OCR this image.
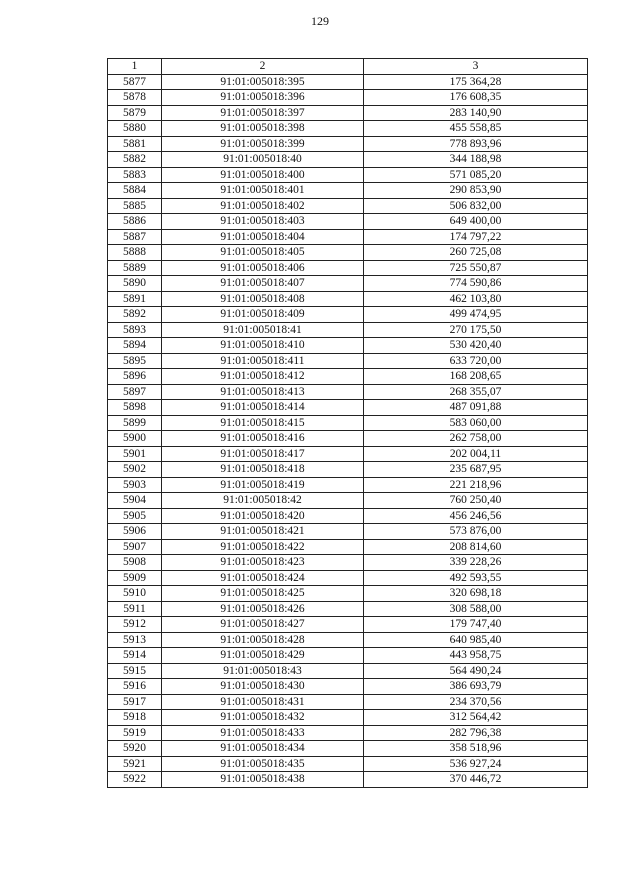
129
1	2	3
5877	91:01:005018:395	175 364,28
5878	91:01:005018:396	176 608,35
5879	91:01:005018:397	283 140,90
5880	91:01:005018:398	455 558,85
5881	91:01:005018:399	778 893,96
5882	91:01:005018:40	344 188,98
5883	91:01:005018:400	571 085,20
5884	91:01:005018:401	290 853,90
5885	91:01:005018:402	506 832,00
5886	91:01:005018:403	649 400,00
5887	91:01:005018:404	174 797,22
5888	91:01:005018:405	260 725,08
5889	91:01:005018:406	725 550,87
5890	91:01:005018:407	774 590,86
5891	91:01:005018:408	462 103,80
5892	91:01:005018:409	499 474,95
5893	91:01:005018:41	270 175,50
5894	91:01:005018:410	530 420,40
5895	91:01:005018:411	633 720,00
5896	91:01:005018:412	168 208,65
5897	91:01:005018:413	268 355,07
5898	91:01:005018:414	487 091,88
5899	91:01:005018:415	583 060,00
5900	91:01:005018:416	262 758,00
5901	91:01:005018:417	202 004,11
5902	91:01:005018:418	235 687,95
5903	91:01:005018:419	221 218,96
5904	91:01:005018:42	760 250,40
5905	91:01:005018:420	456 246,56
5906	91:01:005018:421	573 876,00
5907	91:01:005018:422	208 814,60
5908	91:01:005018:423	339 228,26
5909	91:01:005018:424	492 593,55
5910	91:01:005018:425	320 698,18
5911	91:01:005018:426	308 588,00
5912	91:01:005018:427	179 747,40
5913	91:01:005018:428	640 985,40
5914	91:01:005018:429	443 958,75
5915	91:01:005018:43	564 490,24
5916	91:01:005018:430	386 693,79
5917	91:01:005018:431	234 370,56
5918	91:01:005018:432	312 564,42
5919	91:01:005018:433	282 796,38
5920	91:01:005018:434	358 518,96
5921	91:01:005018:435	536 927,24
5922	91:01:005018:438	370 446,72
